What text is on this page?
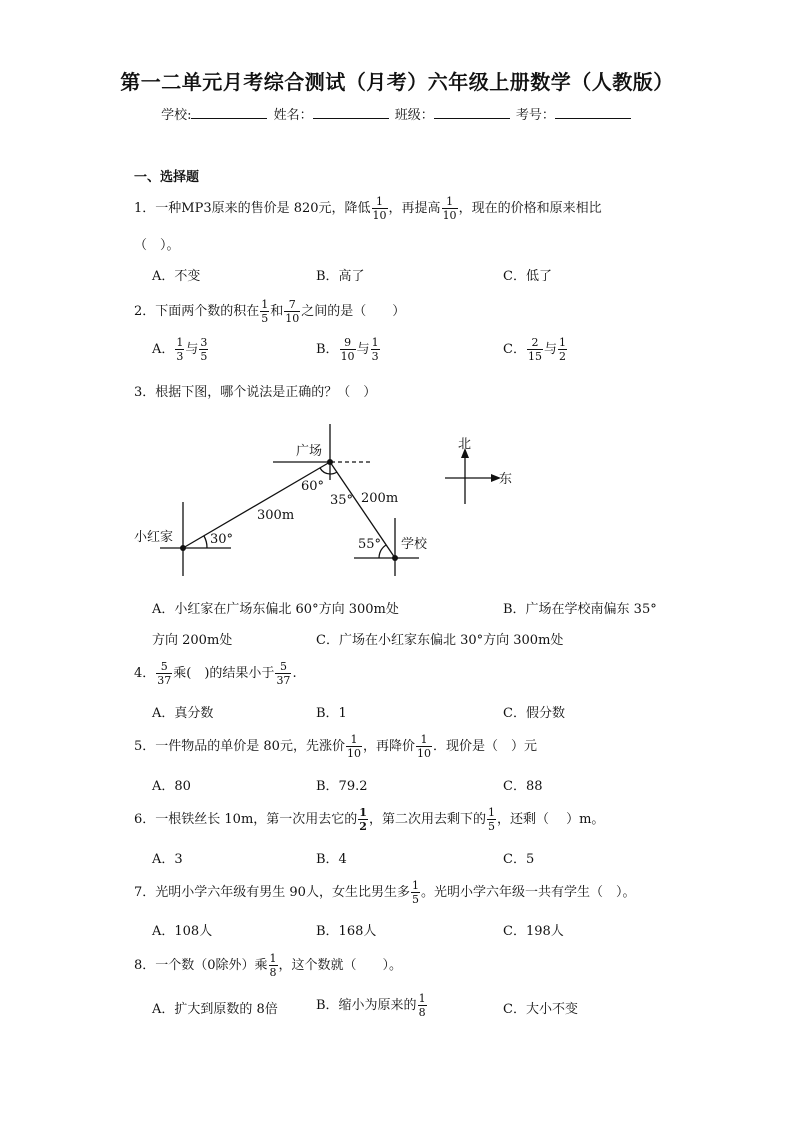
第一二单元月考综合测试（月考）六年级上册数学（人教版）
学校:	姓名：	班级：	考号：
一、选择题
1．一种MP3原来的售价是 820元，降低 $\frac{1}{10}$ ，再提高 $\frac{1}{10}$ ，现在的价格和原来相比
（　）。
A．不变	B．高了	C．低了
2．下面两个数的积在 $\frac{1}{5}$ 和 $\frac{7}{10}$ 之间的是（　　）
A． $\frac{1}{3}$ 与 $\frac{3}{5}$	B． $\frac{9}{10}$ 与 $\frac{1}{3}$	C． $\frac{2}{15}$ 与 $\frac{1}{2}$
3．根据下图，哪个说法是正确的？（　）
广场
小红家	学校
北
东
60°
35°
30°	55°
300m
200m
A．小红家在广场东偏北 60°方向 300m处	B．广场在学校南偏东 35°
方向 200m处	C．广场在小红家东偏北 30°方向 300m处
4． $\frac{5}{37}$ 乘(　)的结果小于 $\frac{5}{37}$ .
A．真分数	B．1	C．假分数
5．一件物品的单价是 80元，先涨价 $\frac{1}{10}$ ，再降价 $\frac{1}{10}$ ．现价是（　）元
A．80	B．79.2	C．88
6．一根铁丝长 10m，第一次用去它的 $\frac{1}{2}$ ，第二次用去剩下的 $\frac{1}{5}$ ，还剩（　 ）m。
A．3	B．4	C．5
7．光明小学六年级有男生 90人，女生比男生多 $\frac{1}{5}$ 。光明小学六年级一共有学生（　）。
A．108人	B．168人	C．198人
8．一个数（0除外）乘 $\frac{1}{8}$ ，这个数就（　　）。
A．扩大到原数的 8倍	B．缩小为原来的 $\frac{1}{8}$	C．大小不变
